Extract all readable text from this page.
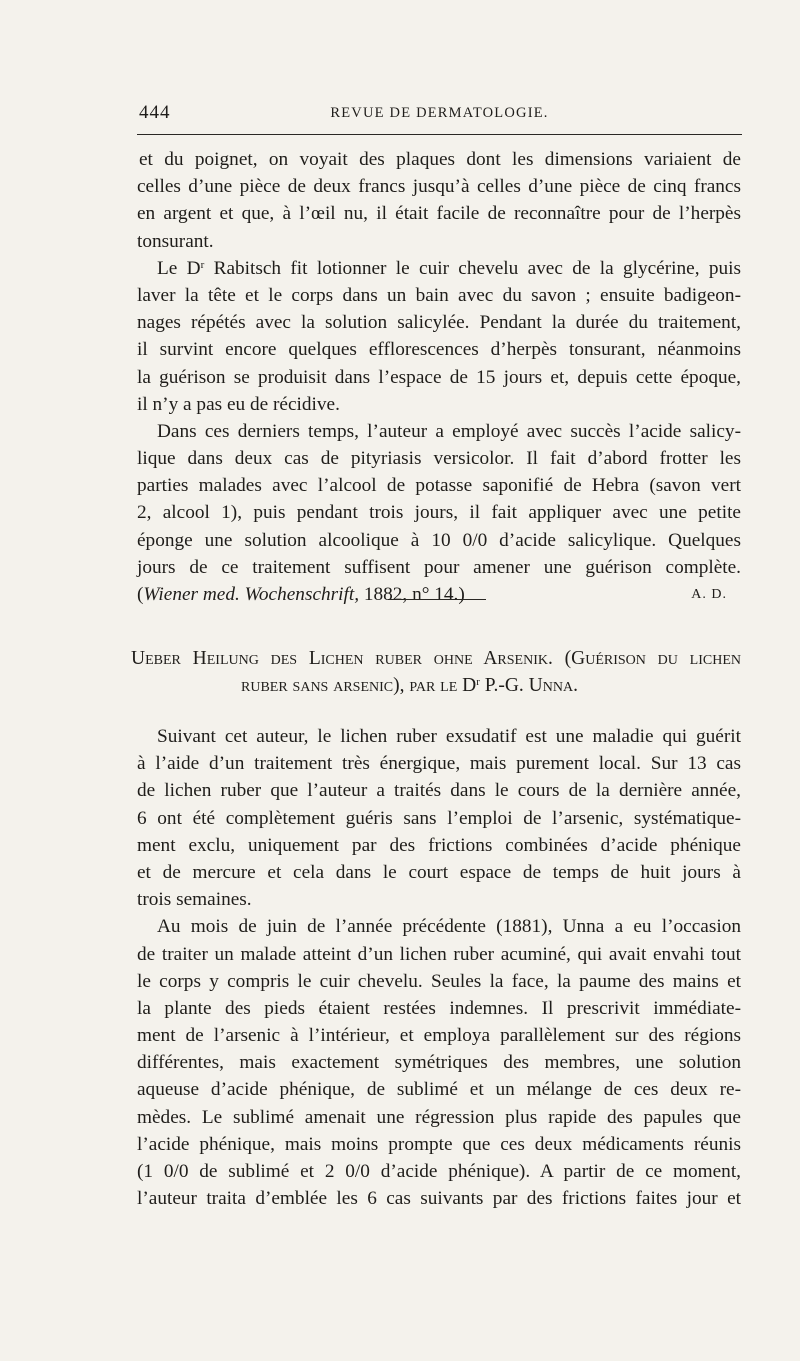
444	REVUE DE DERMATOLOGIE.
et du poignet, on voyait des plaques dont les dimensions variaient de
celles d’une pièce de deux francs jusqu’à celles d’une pièce de cinq francs
en argent et que, à l’œil nu, il était facile de reconnaître pour de l’herpès
tonsurant.
Le $D^r$ Rabitsch fit lotionner le cuir chevelu avec de la glycérine, puis
laver la tête et le corps dans un bain avec du savon ; ensuite badigeon-
nages répétés avec la solution salicylée. Pendant la durée du traitement,
il survint encore quelques efflorescences d’herpès tonsurant, néanmoins
la guérison se produisit dans l’espace de 15 jours et, depuis cette époque,
il n’y a pas eu de récidive.
Dans ces derniers temps, l’auteur a employé avec succès l’acide salicy-
lique dans deux cas de pityriasis versicolor. Il fait d’abord frotter les
parties malades avec l’alcool de potasse saponifié de Hebra (savon vert
2, alcool 1), puis pendant trois jours, il fait appliquer avec une petite
éponge une solution alcoolique à 10 0/0 d’acide salicylique. Quelques
jours de ce traitement suffisent pour amener une guérison complète.
(Wiener med. Wochenschrift, 1882, n° 14.)	A. D.
Ueber Heilung des Lichen ruber ohne Arsenik. (Guérison du lichen
ruber sans arsenic), par le $D^r$ P.-G. Unna.
Suivant cet auteur, le lichen ruber exsudatif est une maladie qui guérit
à l’aide d’un traitement très énergique, mais purement local. Sur 13 cas
de lichen ruber que l’auteur a traités dans le cours de la dernière année,
6 ont été complètement guéris sans l’emploi de l’arsenic, systématique-
ment exclu, uniquement par des frictions combinées d’acide phénique
et de mercure et cela dans le court espace de temps de huit jours à
trois semaines.
Au mois de juin de l’année précédente (1881), Unna a eu l’occasion
de traiter un malade atteint d’un lichen ruber acuminé, qui avait envahi tout
le corps y compris le cuir chevelu. Seules la face, la paume des mains et
la plante des pieds étaient restées indemnes. Il prescrivit immédiate-
ment de l’arsenic à l’intérieur, et employa parallèlement sur des régions
différentes, mais exactement symétriques des membres, une solution
aqueuse d’acide phénique, de sublimé et un mélange de ces deux re-
mèdes. Le sublimé amenait une régression plus rapide des papules que
l’acide phénique, mais moins prompte que ces deux médicaments réunis
(1 0/0 de sublimé et 2 0/0 d’acide phénique). A partir de ce moment,
l’auteur traita d’emblée les 6 cas suivants par des frictions faites jour et
